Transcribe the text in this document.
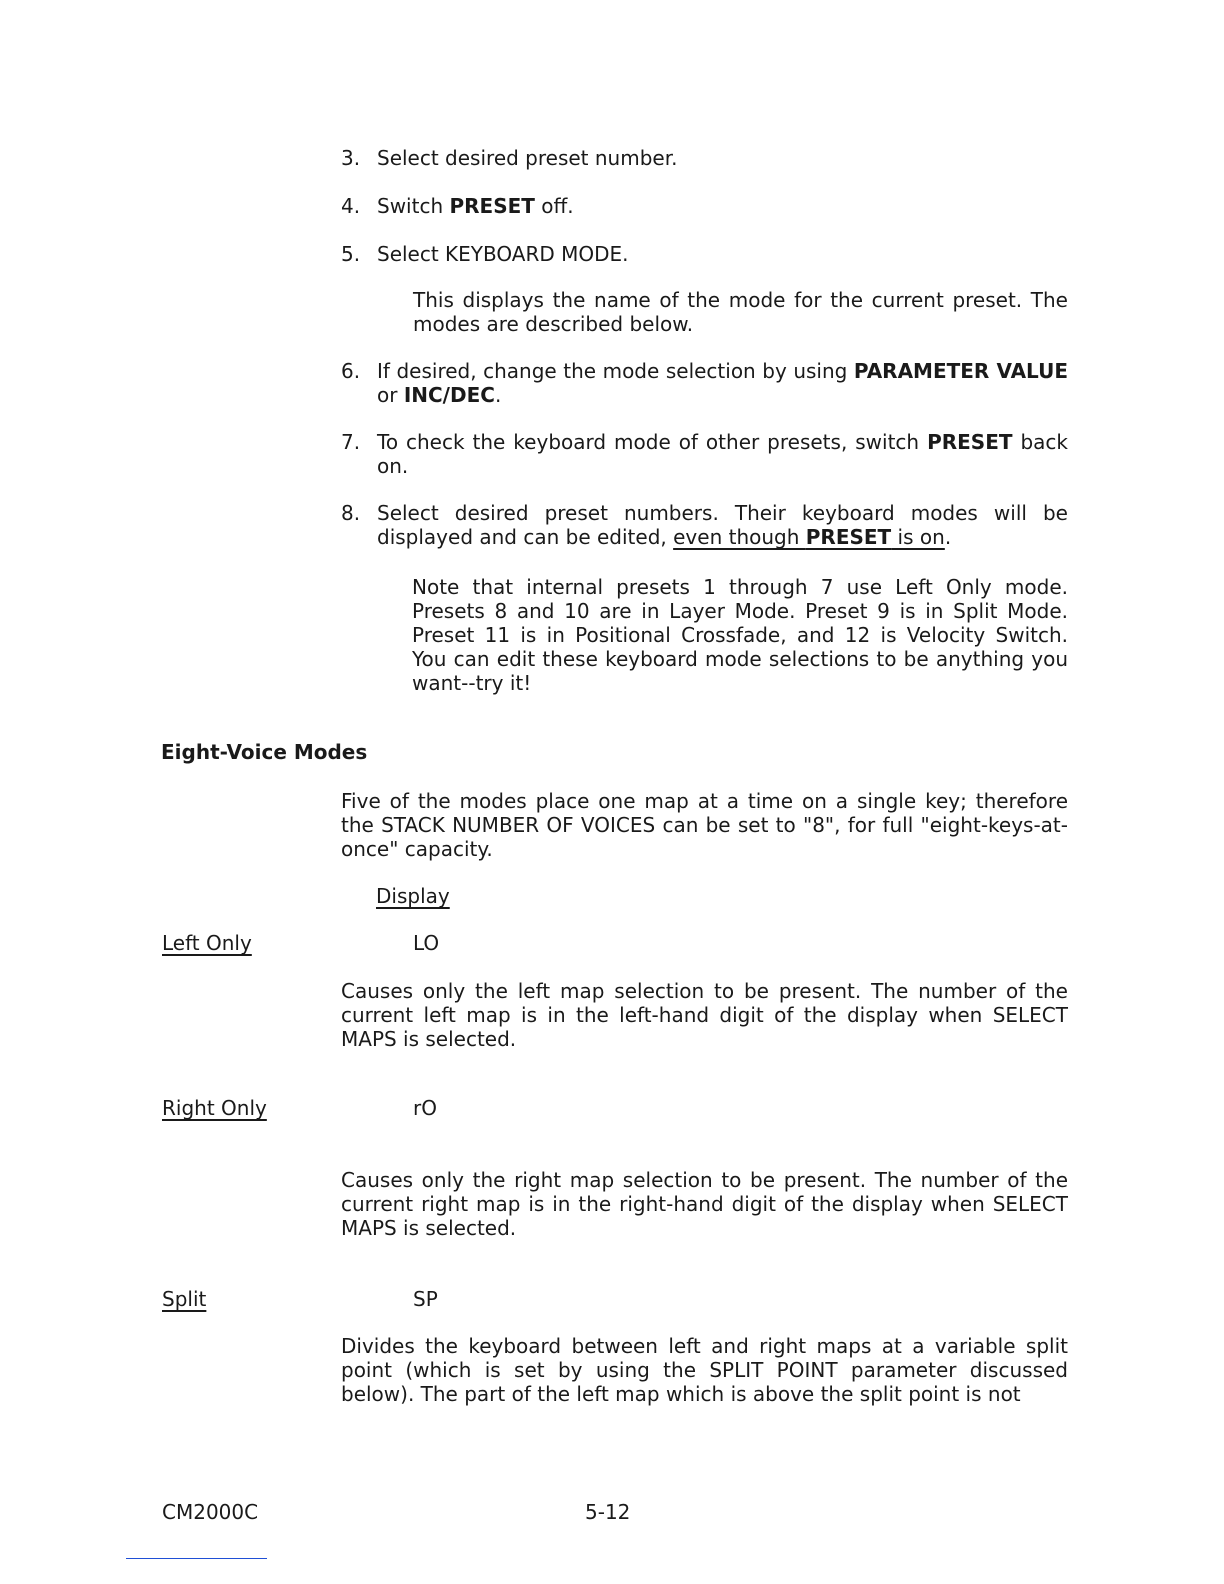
3. Select desired preset number.
4. Switch PRESET off.
5. Select KEYBOARD MODE.
This displays the name of the mode for the current preset. The modes are described below.
6. If desired, change the mode selection by using PARAMETER VALUE or INC/DEC.
7. To check the keyboard mode of other presets, switch PRESET back on.
8. Select desired preset numbers. Their keyboard modes will be displayed and can be edited, even though PRESET is on.
Note that internal presets 1 through 7 use Left Only mode. Presets 8 and 10 are in Layer Mode. Preset 9 is in Split Mode. Preset 11 is in Positional Crossfade, and 12 is Velocity Switch. You can edit these keyboard mode selections to be anything you want--try it!
Eight-Voice Modes
Five of the modes place one map at a time on a single key; therefore the STACK NUMBER OF VOICES can be set to "8", for full "eight-keys-at-once" capacity.
Display
Left Only	LO
Causes only the left map selection to be present. The number of the current left map is in the left-hand digit of the display when SELECT MAPS is selected.
Right Only	rO
Causes only the right map selection to be present. The number of the current right map is in the right-hand digit of the display when SELECT MAPS is selected.
Split	SP
Divides the keyboard between left and right maps at a variable split point (which is set by using the SPLIT POINT parameter discussed below). The part of the left map which is above the split point is not
CM2000C	5-12
